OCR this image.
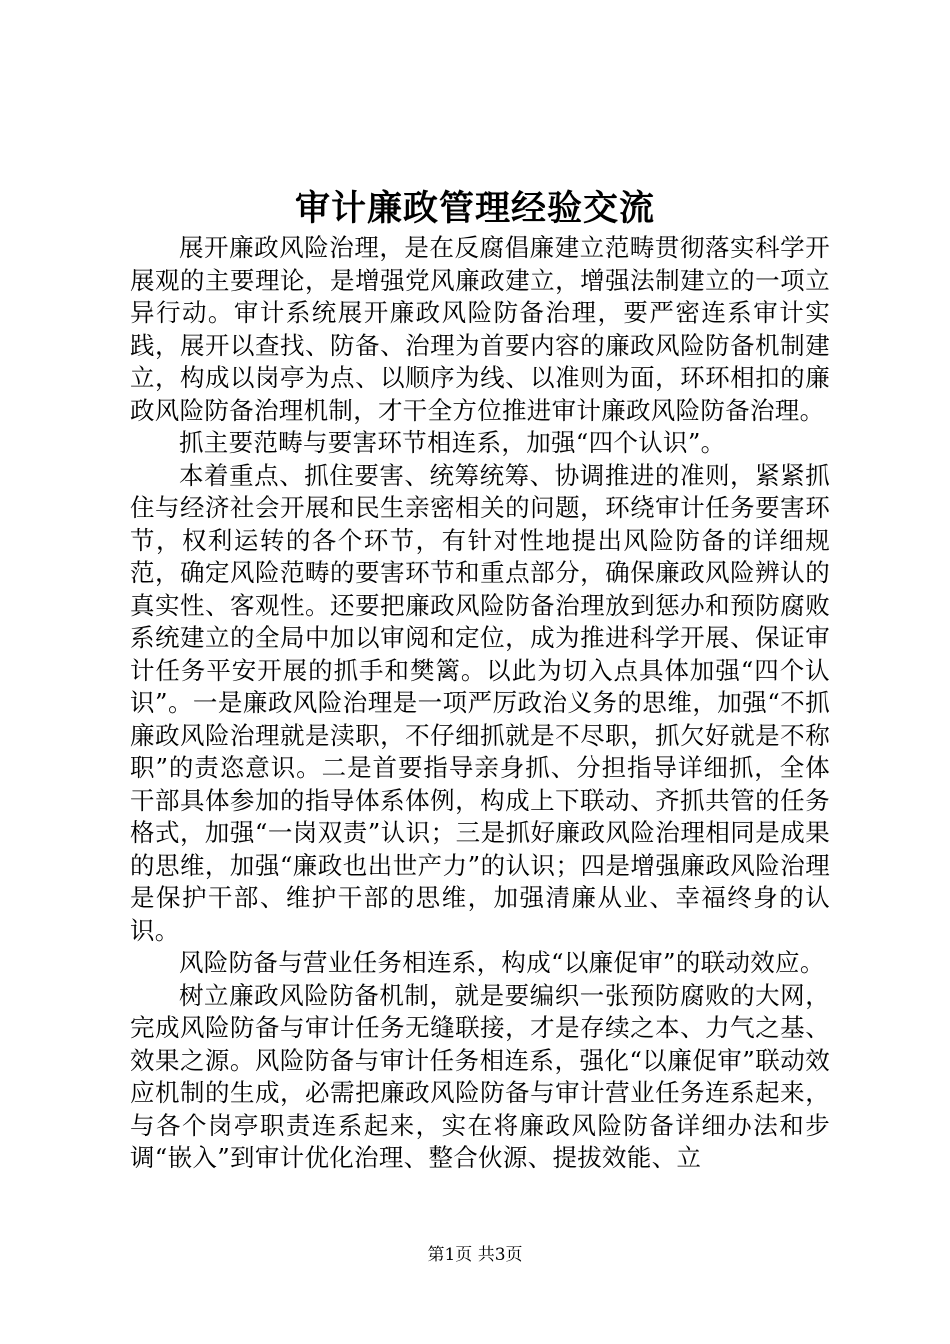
审计廉政管理经验交流

展开廉政风险治理，是在反腐倡廉建立范畴贯彻落实科学开展观的主要理论，是增强党风廉政建立，增强法制建立的一项立异行动。审计系统展开廉政风险防备治理，要严密连系审计实践，展开以查找、防备、治理为首要内容的廉政风险防备机制建立，构成以岗亭为点、以顺序为线、以准则为面，环环相扣的廉政风险防备治理机制，才干全方位推进审计廉政风险防备治理。

抓主要范畴与要害环节相连系，加强“四个认识”。

本着重点、抓住要害、统筹统筹、协调推进的准则，紧紧抓住与经济社会开展和民生亲密相关的问题，环绕审计任务要害环节，权利运转的各个环节，有针对性地提出风险防备的详细规范，确定风险范畴的要害环节和重点部分，确保廉政风险辨认的真实性、客观性。还要把廉政风险防备治理放到惩办和预防腐败系统建立的全局中加以审阅和定位，成为推进科学开展、保证审计任务平安开展的抓手和樊篱。以此为切入点具体加强“四个认识”。一是廉政风险治理是一项严厉政治义务的思维，加强“不抓廉政风险治理就是渎职，不仔细抓就是不尽职，抓欠好就是不称职”的责恣意识。二是首要指导亲身抓、分担指导详细抓，全体干部具体参加的指导体系体例，构成上下联动、齐抓共管的任务格式，加强“一岗双责”认识；三是抓好廉政风险治理相同是成果的思维，加强“廉政也出世产力”的认识；四是增强廉政风险治理是保护干部、维护干部的思维，加强清廉从业、幸福终身的认识。

风险防备与营业任务相连系，构成“以廉促审”的联动效应。

树立廉政风险防备机制，就是要编织一张预防腐败的大网，完成风险防备与审计任务无缝联接，才是存续之本、力气之基、效果之源。风险防备与审计任务相连系，强化“以廉促审”联动效应机制的生成，必需把廉政风险防备与审计营业任务连系起来，与各个岗亭职责连系起来，实在将廉政风险防备详细办法和步调“嵌入”到审计优化治理、整合伙源、提拔效能、立

第1页 共3页
